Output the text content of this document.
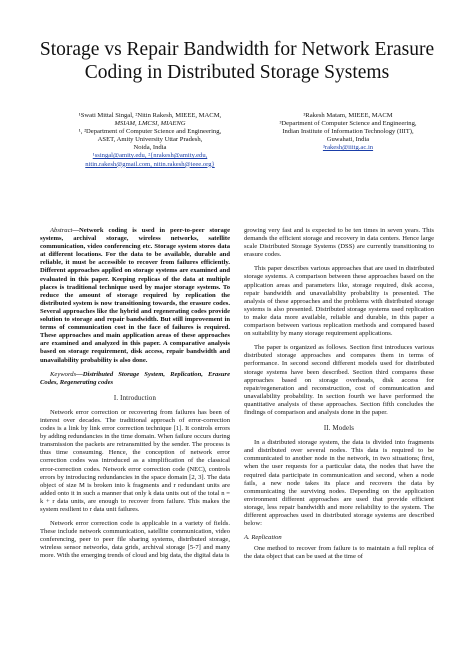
Storage vs Repair Bandwidth for Network Erasure
Coding in Distributed Storage Systems
¹Swati Mittal Singal, ²Nitin Rakesh, MIEEE, MACM,
MSIAM, LMCSI, MIAENG
¹, ²Department of Computer Science and Engineering,
ASET, Amity University Uttar Pradesh,
Noida, India
¹ssingal@amity.edu, ²{nrakesh@amity.edu,
nitin.rakesh@gmail.com, nitin.rakesh@ieee.org}
³Rakesh Matam, MIEEE, MACM
³Department of Computer Science and Engineering,
Indian Institute of Information Technology (IIIT),
Guwahati, India
³rakesh@iiitg.ac.in

Abstract—Network coding is used in peer-to-peer storage systems, archival storage, wireless networks, satellite communication, video conferencing etc. Storage system stores data at different locations. For the data to be available, durable and reliable, it must be accessible to recover from failures efficiently. Different approaches applied on storage systems are examined and evaluated in this paper. Keeping replicas of the data at multiple places is traditional technique used by major storage systems. To reduce the amount of storage required by replication the distributed system is now transitioning towards, the erasure codes. Several approaches like the hybrid and regenerating codes provide solution to storage and repair bandwidth. But still improvement in terms of communication cost in the face of failures is required. These approaches and main application areas of these approaches are examined and analyzed in this paper. A comparative analysis based on storage requirement, disk access, repair bandwidth and unavailability probability is also done.

Keywords—Distributed Storage System, Replication, Erasure Codes, Regenerating codes

I. Introduction

Network error correction or recovering from failures has been of interest over decades. The traditional approach of error-correction codes is a link by link error correction technique [1]. It controls errors by adding redundancies in the time domain. When failure occurs during transmission the packets are retransmitted by the sender. The process is thus time consuming. Hence, the conception of network error correction codes was introduced as a simplification of the classical error-correction codes. Network error correction code (NEC), controls errors by introducing redundancies in the space domain [2, 3]. The data object of size M is broken into k fragments and r redundant units are added onto it in such a manner that only k data units out of the total n = k + r data units, are enough to recover from failure. This makes the system resilient to r data unit failures.

Network error correction code is applicable in a variety of fields. These include network communication, satellite communication, video conferencing, peer to peer file sharing systems, distributed storage, wireless sensor networks, data grids, archival storage [5-7] and many more. With the emerging trends of cloud and big data, the digital data is

growing very fast and is expected to be ten times in seven years. This demands the efficient storage and recovery in data centers. Hence large scale Distributed Storage Systems (DSS) are currently transitioning to erasure codes.

This paper describes various approaches that are used in distributed storage systems. A comparison between these approaches based on the application areas and parameters like, storage required, disk access, repair bandwidth and unavailability probability is presented. The analysis of these approaches and the problems with distributed storage systems is also presented. Distributed storage systems used replication to make data more available, reliable and durable, in this paper a comparison between various replication methods and compared based on suitability by many storage requirement applications.

The paper is organized as follows. Section first introduces various distributed storage approaches and compares them in terms of performance. In second second different models used for distributed storage systems have been described. Section third compares these approaches based on storage overheads, disk access for repair/regeneration and reconstruction, cost of communication and unavailability probability. In section fourth we have performed the quantitative analysis of these approaches. Section fifth concludes the findings of comparison and analysis done in the paper.

II. Models

In a distributed storage system, the data is divided into fragments and distributed over several nodes. This data is required to be communicated to another node in the network, in two situations; first, when the user requests for a particular data, the nodes that have the required data participate in communication and second, when a node fails, a new node takes its place and recovers the data by communicating the surviving nodes. Depending on the application environment different approaches are used that provide efficient storage, less repair bandwidth and more reliability to the system. The different approaches used in distributed storage systems are described below:

A. Replication

One method to recover from failure is to maintain a full replica of the data object that can be used at the time of
